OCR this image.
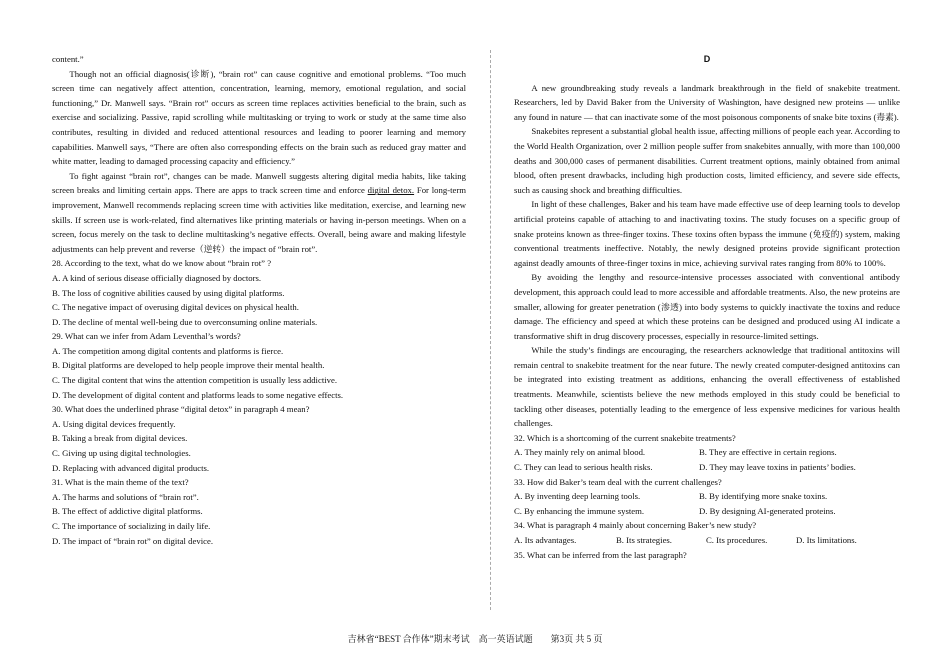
content.”

Though not an official diagnosis(诊断), “brain rot” can cause cognitive and emotional problems. “Too much screen time can negatively affect attention, concentration, learning, memory, emotional regulation, and social functioning,” Dr. Manwell says. “Brain rot” occurs as screen time replaces activities beneficial to the brain, such as exercise and socializing. Passive, rapid scrolling while multitasking or trying to work or study at the same time also contributes, resulting in divided and reduced attentional resources and leading to poorer learning and memory capabilities. Manwell says, “There are often also corresponding effects on the brain such as reduced gray matter and white matter, leading to damaged processing capacity and efficiency.”

To fight against “brain rot”, changes can be made. Manwell suggests altering digital media habits, like taking screen breaks and limiting certain apps. There are apps to track screen time and enforce digital detox. For long-term improvement, Manwell recommends replacing screen time with activities like meditation, exercise, and learning new skills. If screen use is work-related, find alternatives like printing materials or having in-person meetings. When on a screen, focus merely on the task to decline multitasking’s negative effects. Overall, being aware and making lifestyle adjustments can help prevent and reverse（逆转）the impact of “brain rot”.

28. According to the text, what do we know about “brain rot” ?

A. A kind of serious disease officially diagnosed by doctors.

B. The loss of cognitive abilities caused by using digital platforms.

C. The negative impact of overusing digital devices on physical health.

D. The decline of mental well-being due to overconsuming online materials.

29. What can we infer from Adam Leventhal’s words?

A. The competition among digital contents and platforms is fierce.

B. Digital platforms are developed to help people improve their mental health.

C. The digital content that wins the attention competition is usually less addictive.

D. The development of digital content and platforms leads to some negative effects.

30. What does the underlined phrase “digital detox” in paragraph 4 mean?

A. Using digital devices frequently.

B. Taking a break from digital devices.

C. Giving up using digital technologies.

D. Replacing with advanced digital products.

31. What is the main theme of the text?

A. The harms and solutions of “brain rot”.

B. The effect of addictive digital platforms.

C. The importance of socializing in daily life.

D. The impact of “brain rot” on digital device.

D

A new groundbreaking study reveals a landmark breakthrough in the field of snakebite treatment. Researchers, led by David Baker from the University of Washington, have designed new proteins — unlike any found in nature — that can inactivate some of the most poisonous components of snake bite toxins (毒素).

Snakebites represent a substantial global health issue, affecting millions of people each year. According to the World Health Organization, over 2 million people suffer from snakebites annually, with more than 100,000 deaths and 300,000 cases of permanent disabilities. Current treatment options, mainly obtained from animal blood, often present drawbacks, including high production costs, limited efficiency, and severe side effects, such as causing shock and breathing difficulties.

In light of these challenges, Baker and his team have made effective use of deep learning tools to develop artificial proteins capable of attaching to and inactivating toxins. The study focuses on a specific group of snake proteins known as three-finger toxins. These toxins often bypass the immune (免疫的) system, making conventional treatments ineffective. Notably, the newly designed proteins provide significant protection against deadly amounts of three-finger toxins in mice, achieving survival rates ranging from 80% to 100%.

By avoiding the lengthy and resource-intensive processes associated with conventional antibody development, this approach could lead to more accessible and affordable treatments. Also, the new proteins are smaller, allowing for greater penetration (渗透) into body systems to quickly inactivate the toxins and reduce damage. The efficiency and speed at which these proteins can be designed and produced using AI indicate a transformative shift in drug discovery processes, especially in resource-limited settings.

While the study’s findings are encouraging, the researchers acknowledge that traditional antitoxins will remain central to snakebite treatment for the near future. The newly created computer-designed antitoxins can be integrated into existing treatment as additions, enhancing the overall effectiveness of established treatments. Meanwhile, scientists believe the new methods employed in this study could be beneficial to tackling other diseases, potentially leading to the emergence of less expensive medicines for various health challenges.

32. Which is a shortcoming of the current snakebite treatments?

A. They mainly rely on animal blood.	B. They are effective in certain regions.
C. They can lead to serious health risks.	D. They may leave toxins in patients’ bodies.

33. How did Baker’s team deal with the current challenges?

A. By inventing deep learning tools.	B. By identifying more snake toxins.
C. By enhancing the immune system.	D. By designing AI-generated proteins.

34. What is paragraph 4 mainly about concerning Baker’s new study?

A. Its advantages.	B. Its strategies.	C. Its procedures.	D. Its limitations.

35. What can be inferred from the last paragraph?

吉林省“BEST 合作体”期末考试　高一英语试题　　第3页 共 5 页
